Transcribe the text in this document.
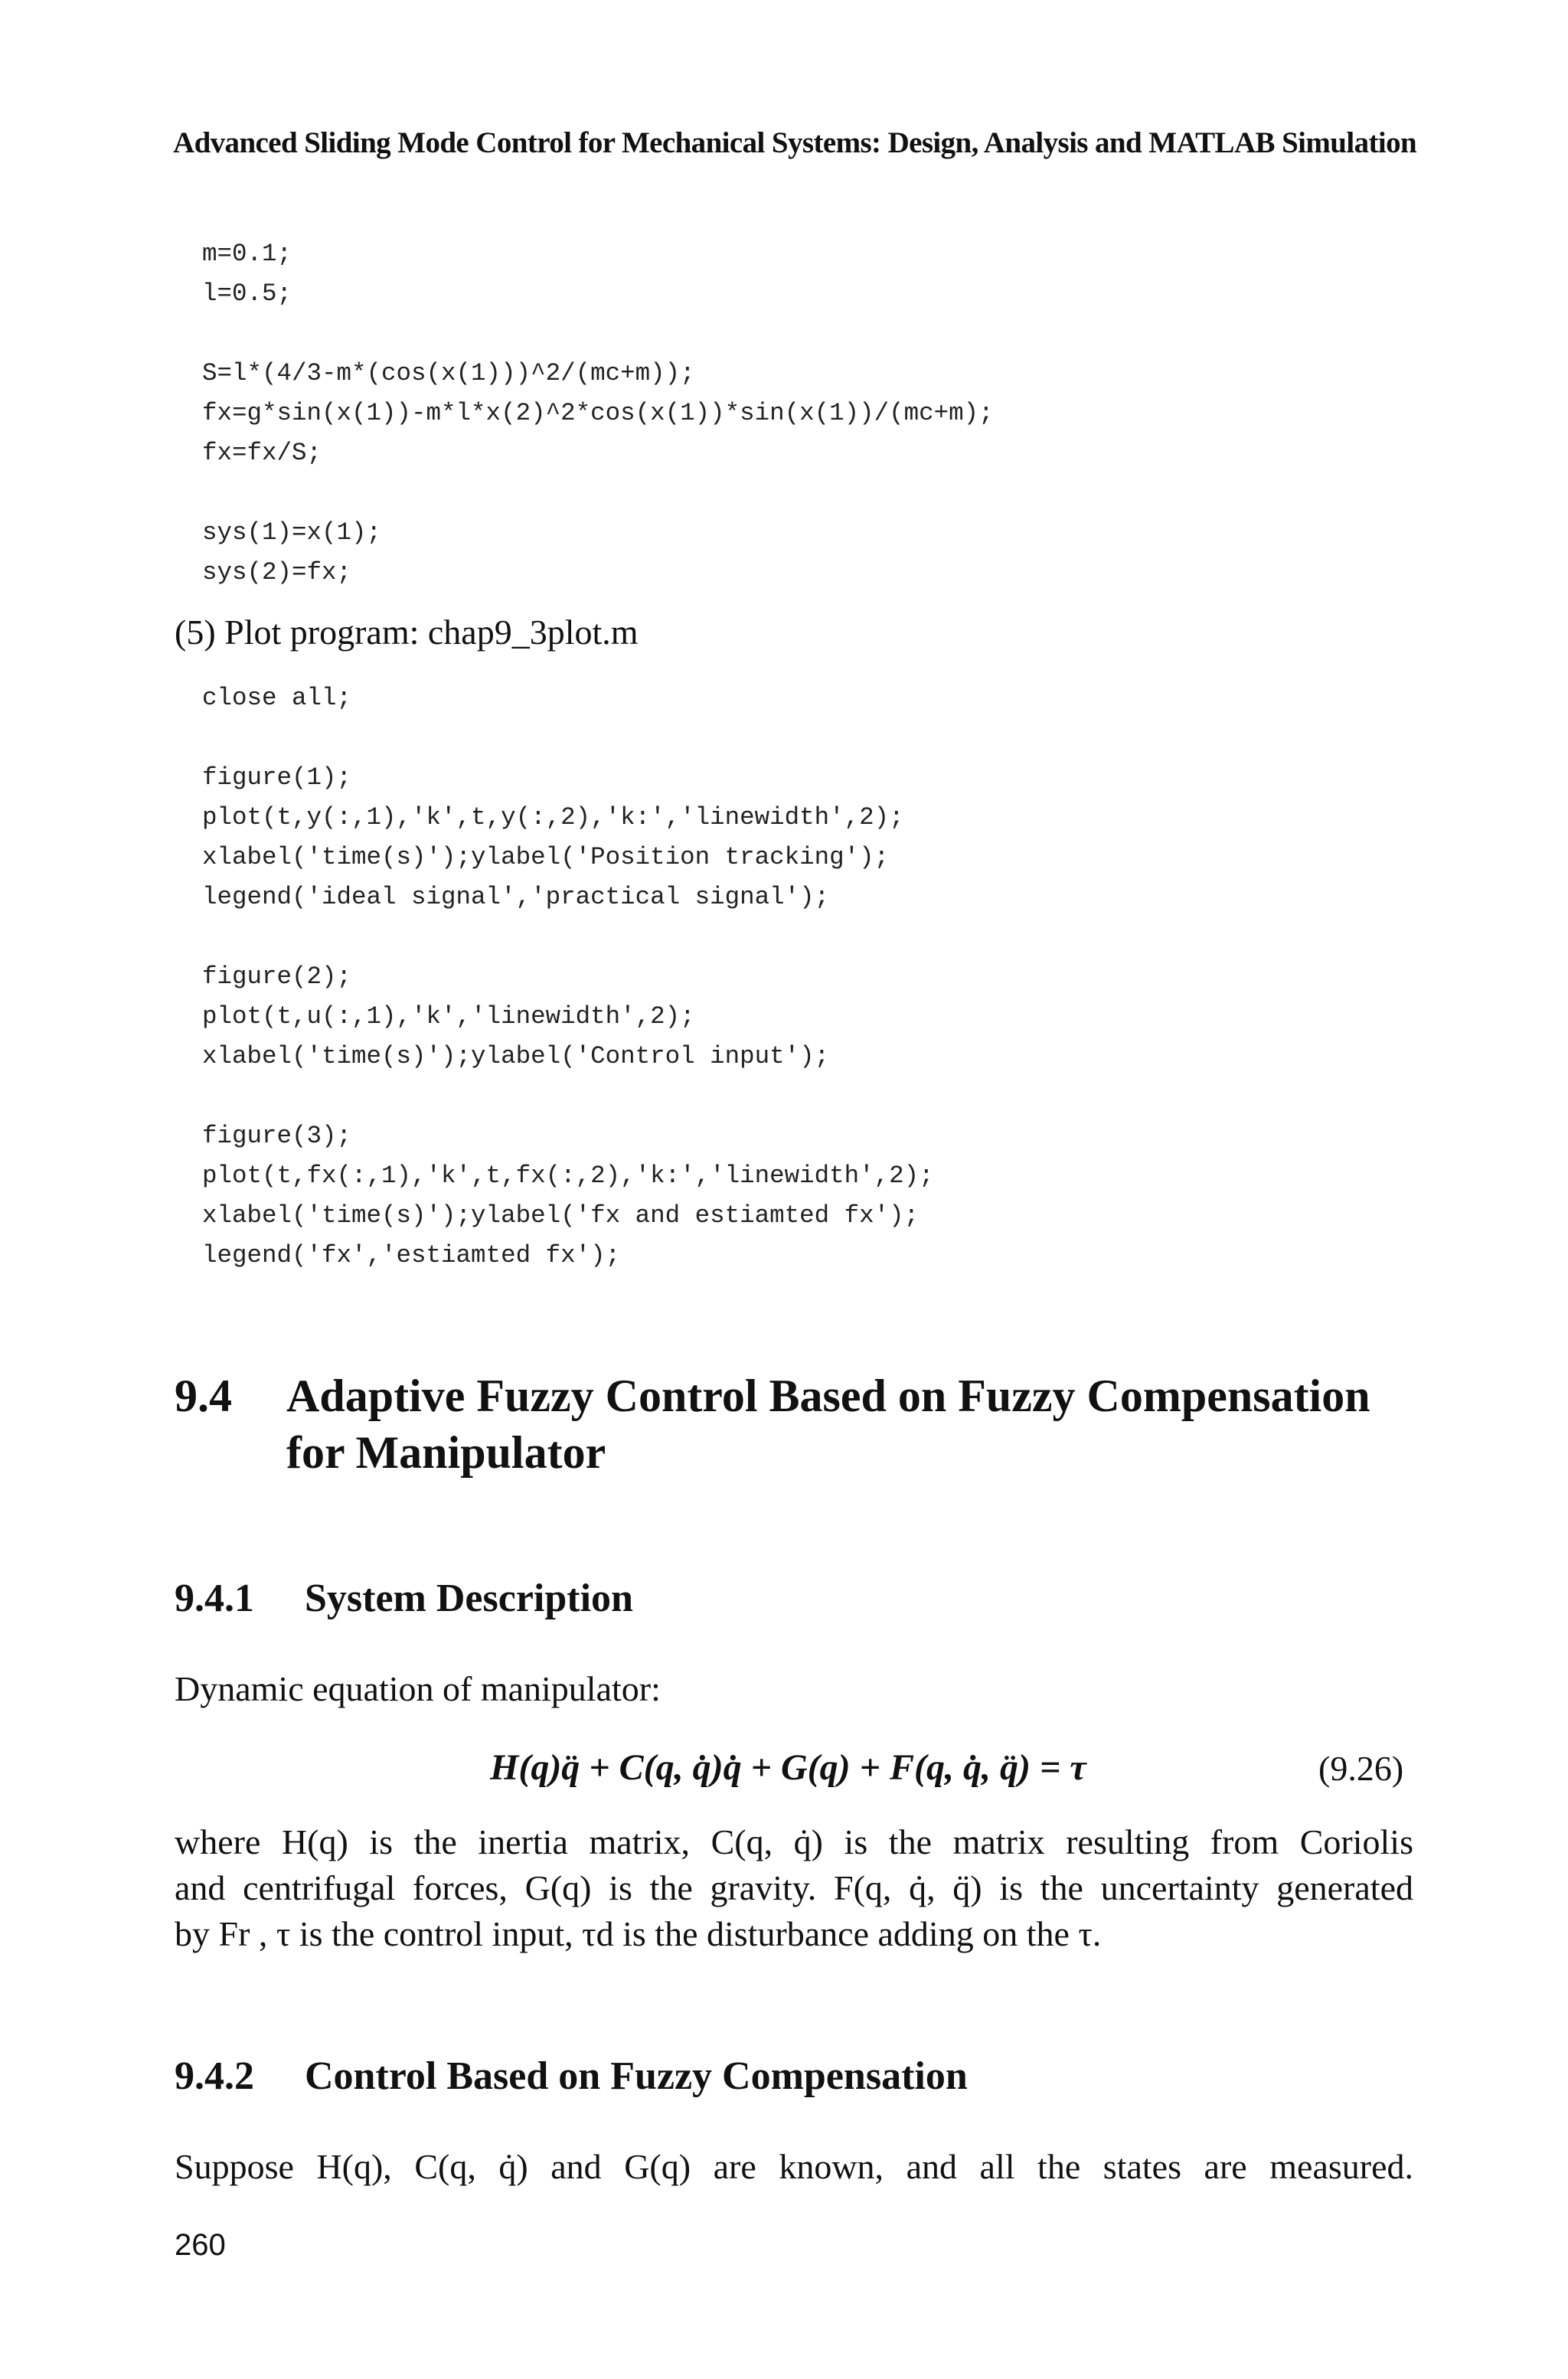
Advanced Sliding Mode Control for Mechanical Systems: Design, Analysis and MATLAB Simulation
m=0.1;
l=0.5;
S=l*(4/3-m*(cos(x(1)))^2/(mc+m));
fx=g*sin(x(1))-m*l*x(2)^2*cos(x(1))*sin(x(1))/(mc+m);
fx=fx/S;
sys(1)=x(1);
sys(2)=fx;
(5) Plot program: chap9_3plot.m
close all;
figure(1);
plot(t,y(:,1),'k',t,y(:,2),'k:','linewidth',2);
xlabel('time(s)');ylabel('Position tracking');
legend('ideal signal','practical signal');
figure(2);
plot(t,u(:,1),'k','linewidth',2);
xlabel('time(s)');ylabel('Control input');
figure(3);
plot(t,fx(:,1),'k',t,fx(:,2),'k:','linewidth',2);
xlabel('time(s)');ylabel('fx and estiamted fx');
legend('fx','estiamted fx');
9.4 Adaptive Fuzzy Control Based on Fuzzy Compensation
for Manipulator
9.4.1 System Description
Dynamic equation of manipulator:
H(q)q̈ + C(q, q̇)q̇ + G(q) + F(q, q̇, q̈) = τ	(9.26)
where H(q) is the inertia matrix, C(q, q̇) is the matrix resulting from Coriolis
and centrifugal forces, G(q) is the gravity. F(q, q̇, q̈) is the uncertainty generated
by Fr , τ is the control input, τd is the disturbance adding on the τ.
9.4.2 Control Based on Fuzzy Compensation
Suppose H(q), C(q, q̇) and G(q) are known, and all the states are measured.
260
